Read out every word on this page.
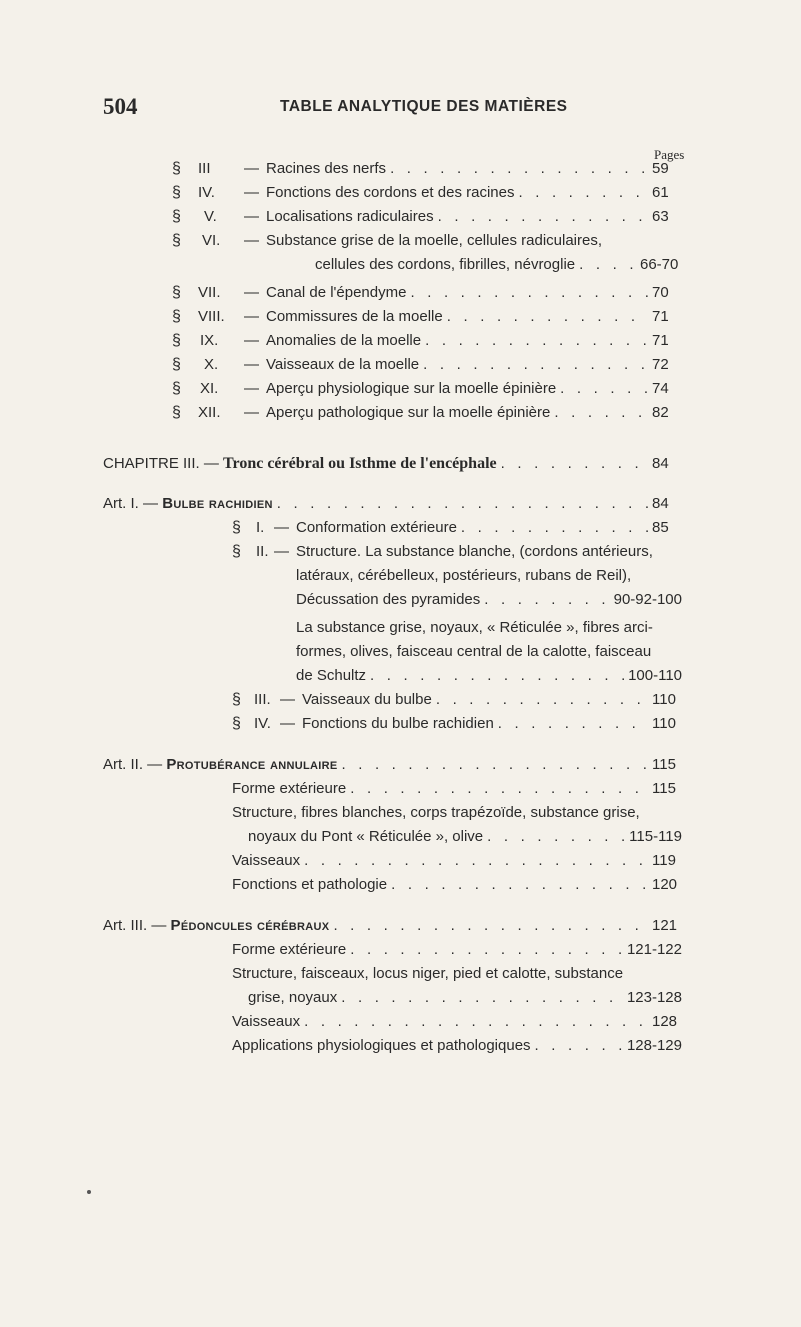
504	TABLE ANALYTIQUE DES MATIÈRES
Pages
§ III — Racines des nerfs . . .	59
§ IV. — Fonctions des cordons et des racines . . .	61
§ V. — Localisations radiculaires . . .	63
§ VI. — Substance grise de la moelle, cellules radiculaires,
cellules des cordons, fibrilles, névroglie . . .	66-70
§ VII. — Canal de l'épendyme . . .	70
§ VIII. — Commissures de la moelle . . .	71
§ IX. — Anomalies de la moelle . . .	71
§ X. — Vaisseaux de la moelle . . .	72
§ XI. — Aperçu physiologique sur la moelle épinière . . .	74
§ XII. — Aperçu pathologique sur la moelle épinière . . .	82
CHAPITRE III. —
Tronc cérébral ou Isthme de l'encéphale . . .	84
Art. I. —
Bulbe rachidien . . .	84
§ I. — Conformation extérieure . . .	85
§ II. — Structure. La substance blanche, (cordons antérieurs,
latéraux, cérébelleux, postérieurs, rubans de Reil),
Décussation des pyramides . . .	90-92-100
La substance grise, noyaux, « Réticulée », fibres arci-
formes, olives, faisceau central de la calotte, faisceau
de Schultz . . .	100-110
§ III. — Vaisseaux du bulbe . . .	110
§ IV. — Fonctions du bulbe rachidien . . .	110
Art. II. —
Protubérance annulaire . . .	115
Forme extérieure . . .	115
Structure, fibres blanches, corps trapézoïde, substance grise,
noyaux du Pont « Réticulée », olive . . .	115-119
Vaisseaux . . .	119
Fonctions et pathologie . . .	120
Art. III. —
Pédoncules cérébraux . . .	121
Forme extérieure . . .	121-122
Structure, faisceaux, locus niger, pied et calotte, substance
grise, noyaux . . .	123-128
Vaisseaux . . .	128
Applications physiologiques et pathologiques . . .	128-129
